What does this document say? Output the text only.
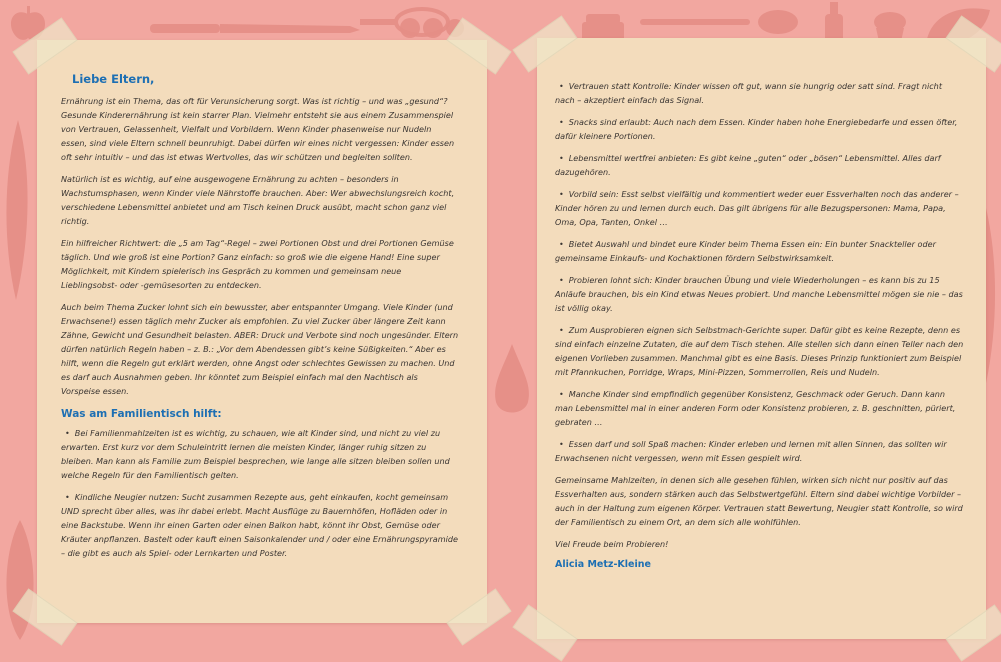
Liebe Eltern,

Ernährung ist ein Thema, das oft für Verunsicherung sorgt. Was ist richtig – und was „gesund“? Gesunde Kinderernährung ist kein starrer Plan. Vielmehr entsteht sie aus einem Zusammenspiel von Vertrauen, Gelassenheit, Vielfalt und Vorbildern. Wenn Kinder phasenweise nur Nudeln essen, sind viele Eltern schnell beunruhigt. Dabei dürfen wir eines nicht vergessen: Kinder essen oft sehr intuitiv – und das ist etwas Wertvolles, das wir schützen und begleiten sollten.

Natürlich ist es wichtig, auf eine ausgewogene Ernährung zu achten – besonders in Wachstumsphasen, wenn Kinder viele Nährstoffe brauchen. Aber: Wer abwechslungsreich kocht, verschiedene Lebensmittel anbietet und am Tisch keinen Druck ausübt, macht schon ganz viel richtig.

Ein hilfreicher Richtwert: die „5 am Tag“-Regel – zwei Portionen Obst und drei Portionen Gemüse täglich. Und wie groß ist eine Portion? Ganz einfach: so groß wie die eigene Hand! Eine super Möglichkeit, mit Kindern spielerisch ins Gespräch zu kommen und gemeinsam neue Lieblingsobst- oder -gemüsesorten zu entdecken.

Auch beim Thema Zucker lohnt sich ein bewusster, aber entspannter Umgang. Viele Kinder (und Erwachsene!) essen täglich mehr Zucker als empfohlen. Zu viel Zucker über längere Zeit kann Zähne, Gewicht und Gesundheit belasten. ABER: Druck und Verbote sind noch ungesünder. Eltern dürfen natürlich Regeln haben – z. B.: „Vor dem Abendessen gibt’s keine Süßigkeiten.“ Aber es hilft, wenn die Regeln gut erklärt werden, ohne Angst oder schlechtes Gewissen zu machen. Und es darf auch Ausnahmen geben. Ihr könntet zum Beispiel einfach mal den Nachtisch als Vorspeise essen.

Was am Familientisch hilft:

• Bei Familienmahlzeiten ist es wichtig, zu schauen, wie alt Kinder sind, und nicht zu viel zu erwarten. Erst kurz vor dem Schuleintritt lernen die meisten Kinder, länger ruhig sitzen zu bleiben. Man kann als Familie zum Beispiel besprechen, wie lange alle sitzen bleiben sollen und welche Regeln für den Familientisch gelten.

• Kindliche Neugier nutzen: Sucht zusammen Rezepte aus, geht einkaufen, kocht gemeinsam UND sprecht über alles, was ihr dabei erlebt. Macht Ausflüge zu Bauernhöfen, Hofläden oder in eine Backstube. Wenn ihr einen Garten oder einen Balkon habt, könnt ihr Obst, Gemüse oder Kräuter anpflanzen. Bastelt oder kauft einen Saisonkalender und / oder eine Ernährungspyramide – die gibt es auch als Spiel- oder Lernkarten und Poster.

• Vertrauen statt Kontrolle: Kinder wissen oft gut, wann sie hungrig oder satt sind. Fragt nicht nach – akzeptiert einfach das Signal.

• Snacks sind erlaubt: Auch nach dem Essen. Kinder haben hohe Energiebedarfe und essen öfter, dafür kleinere Portionen.

• Lebensmittel wertfrei anbieten: Es gibt keine „guten“ oder „bösen“ Lebensmittel. Alles darf dazugehören.

• Vorbild sein: Esst selbst vielfältig und kommentiert weder euer Essverhalten noch das anderer – Kinder hören zu und lernen durch euch. Das gilt übrigens für alle Bezugspersonen: Mama, Papa, Oma, Opa, Tanten, Onkel …

• Bietet Auswahl und bindet eure Kinder beim Thema Essen ein: Ein bunter Snackteller oder gemeinsame Einkaufs- und Kochaktionen fördern Selbstwirksamkeit.

• Probieren lohnt sich: Kinder brauchen Übung und viele Wiederholungen – es kann bis zu 15 Anläufe brauchen, bis ein Kind etwas Neues probiert. Und manche Lebensmittel mögen sie nie – das ist völlig okay.

• Zum Ausprobieren eignen sich Selbstmach-Gerichte super. Dafür gibt es keine Rezepte, denn es sind einfach einzelne Zutaten, die auf dem Tisch stehen. Alle stellen sich dann einen Teller nach den eigenen Vorlieben zusammen. Manchmal gibt es eine Basis. Dieses Prinzip funktioniert zum Beispiel mit Pfannkuchen, Porridge, Wraps, Mini-Pizzen, Sommerrollen, Reis und Nudeln.

• Manche Kinder sind empfindlich gegenüber Konsistenz, Geschmack oder Geruch. Dann kann man Lebensmittel mal in einer anderen Form oder Konsistenz probieren, z. B. geschnitten, püriert, gebraten …

• Essen darf und soll Spaß machen: Kinder erleben und lernen mit allen Sinnen, das sollten wir Erwachsenen nicht vergessen, wenn mit Essen gespielt wird.

Gemeinsame Mahlzeiten, in denen sich alle gesehen fühlen, wirken sich nicht nur positiv auf das Essverhalten aus, sondern stärken auch das Selbstwertgefühl. Eltern sind dabei wichtige Vorbilder – auch in der Haltung zum eigenen Körper. Vertrauen statt Bewertung, Neugier statt Kontrolle, so wird der Familientisch zu einem Ort, an dem sich alle wohlfühlen.

Viel Freude beim Probieren!

Alicia Metz-Kleine
